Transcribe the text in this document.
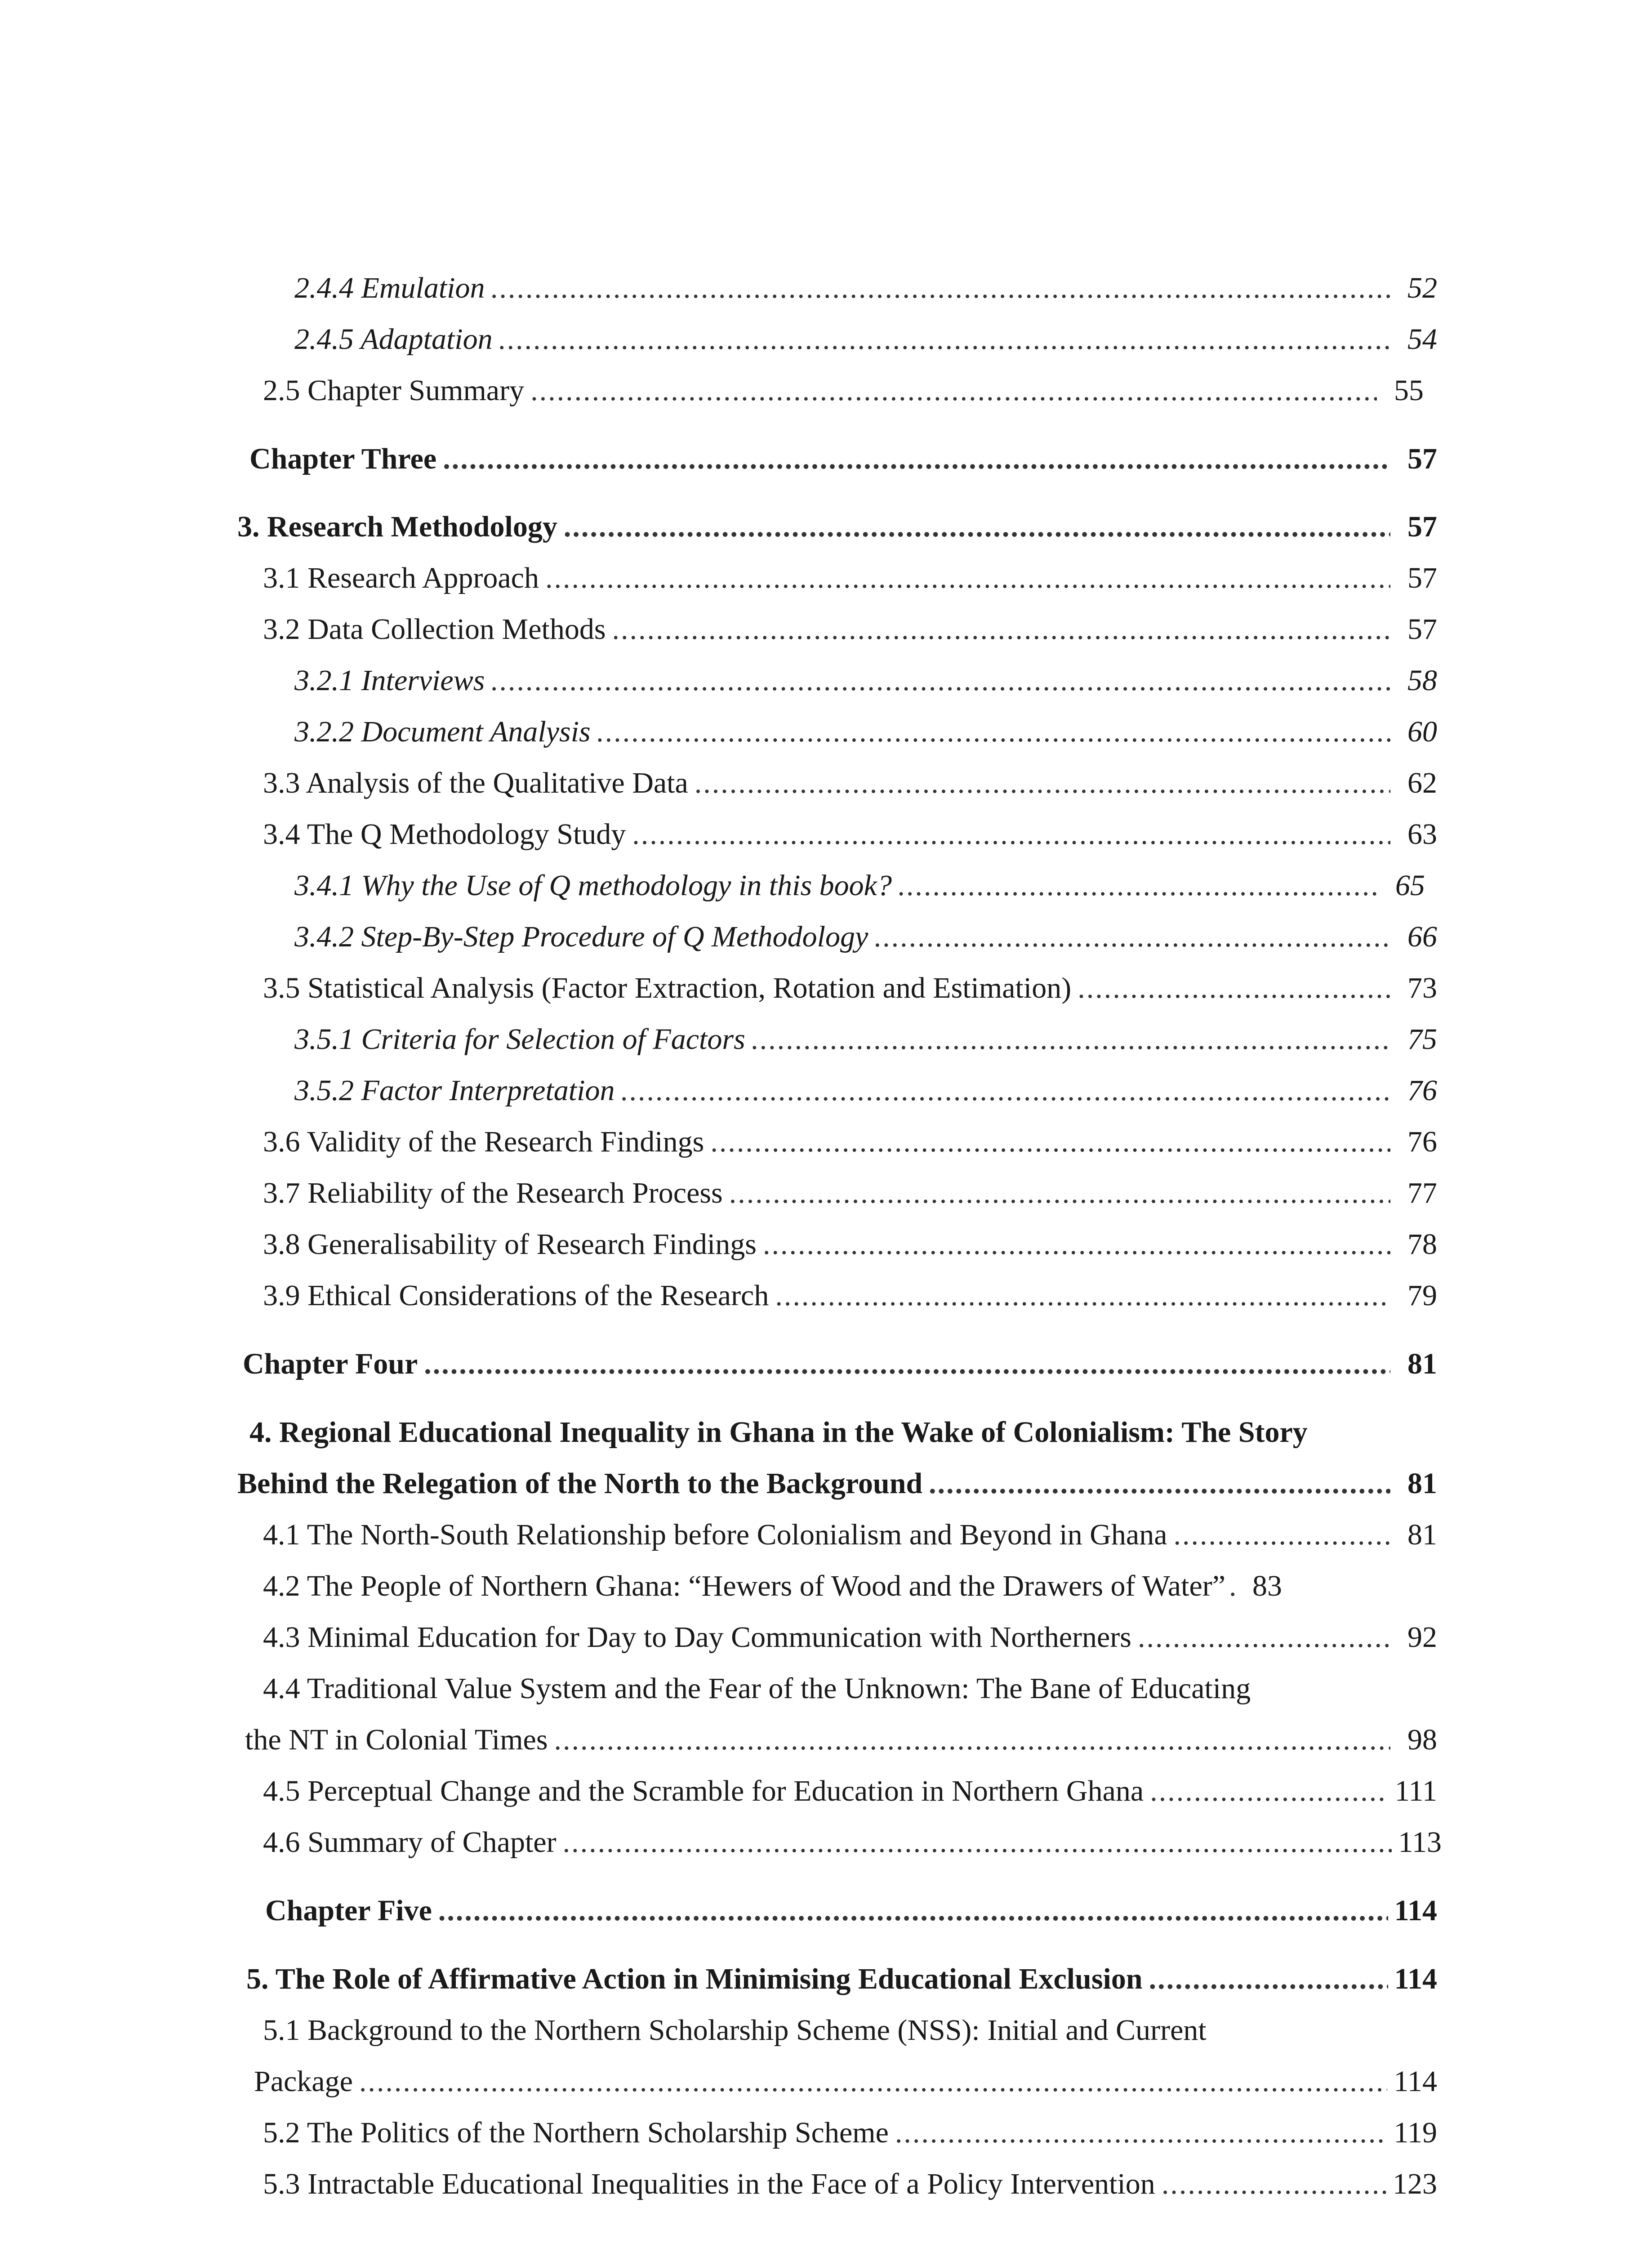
2.4.4 Emulation .....	52
2.4.5 Adaptation .....	54
2.5 Chapter Summary .....	55
Chapter Three .....	57
3. Research Methodology .....	57
3.1 Research Approach .....	57
3.2 Data Collection Methods .....	57
3.2.1 Interviews .....	58
3.2.2 Document Analysis .....	60
3.3 Analysis of the Qualitative Data .....	62
3.4 The Q Methodology Study .....	63
3.4.1 Why the Use of Q methodology in this book? .....	65
3.4.2 Step-By-Step Procedure of Q Methodology .....	66
3.5 Statistical Analysis (Factor Extraction, Rotation and Estimation) .....	73
3.5.1 Criteria for Selection of Factors .....	75
3.5.2 Factor Interpretation .....	76
3.6 Validity of the Research Findings .....	76
3.7 Reliability of the Research Process .....	77
3.8 Generalisability of Research Findings .....	78
3.9 Ethical Considerations of the Research .....	79
Chapter Four .....	81
4. Regional Educational Inequality in Ghana in the Wake of Colonialism: The Story
Behind the Relegation of the North to the Background .....	81
4.1 The North-South Relationship before Colonialism and Beyond in Ghana .....	81
4.2 The People of Northern Ghana: “Hewers of Wood and the Drawers of Water” ..... 83
4.3 Minimal Education for Day to Day Communication with Northerners .....	92
4.4 Traditional Value System and the Fear of the Unknown: The Bane of Educating
the NT in Colonial Times .....	98
4.5 Perceptual Change and the Scramble for Education in Northern Ghana .....	111
4.6 Summary of Chapter .....	113
Chapter Five .....	114
5. The Role of Affirmative Action in Minimising Educational Exclusion .....	114
5.1 Background to the Northern Scholarship Scheme (NSS): Initial and Current
Package .....	114
5.2 The Politics of the Northern Scholarship Scheme .....	119
5.3 Intractable Educational Inequalities in the Face of a Policy Intervention .....	123
